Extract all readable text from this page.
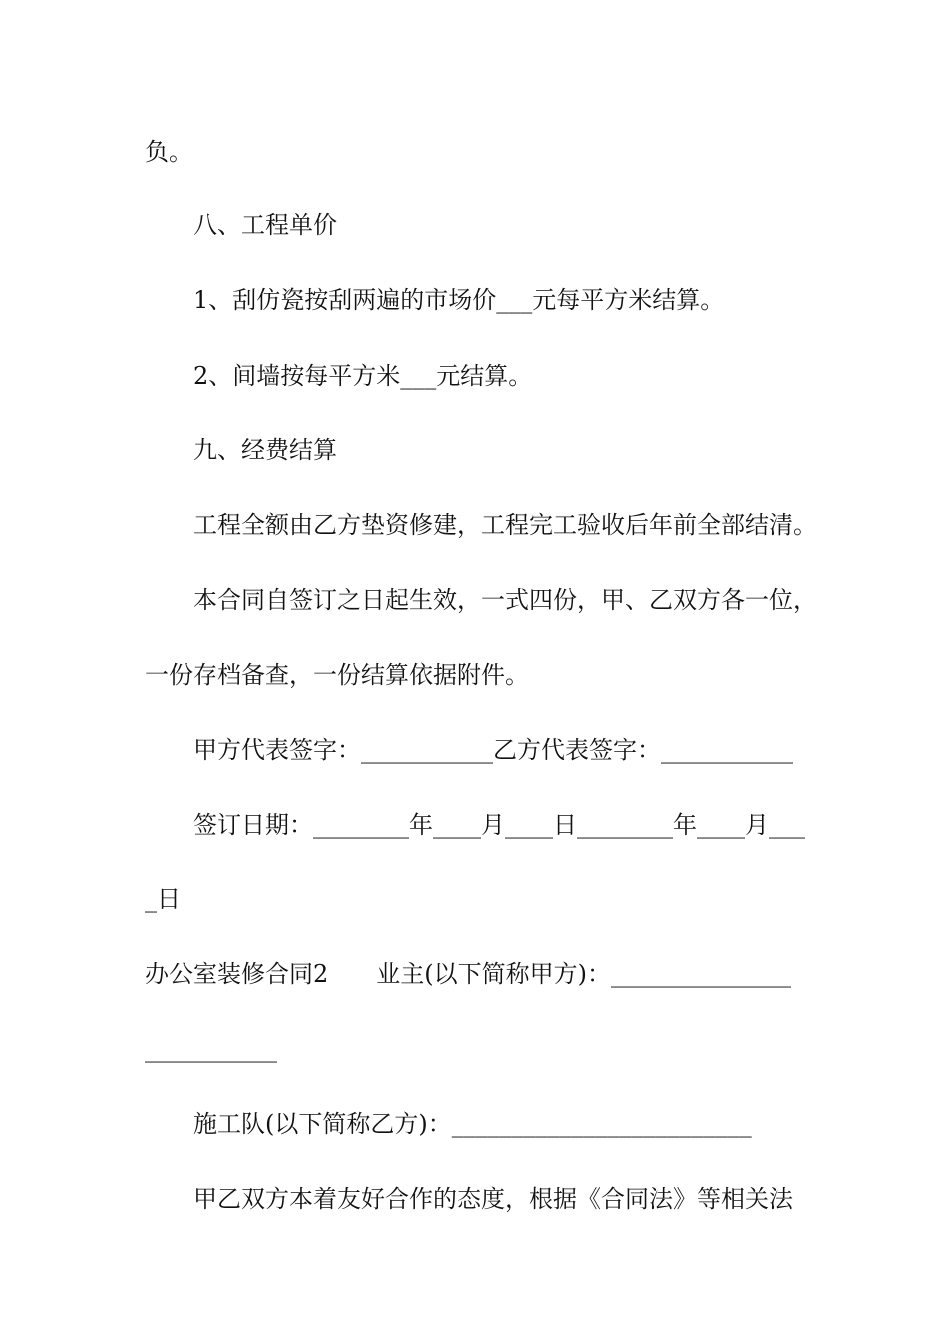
负。
八、工程单价
1、刮仿瓷按刮两遍的市场价___元每平方米结算。
2、间墙按每平方米___元结算。
九、经费结算
工程全额由乙方垫资修建，工程完工验收后年前全部结清。
本合同自签订之日起生效，一式四份，甲、乙双方各一位，
一份存档备查，一份结算依据附件。
甲方代表签字：___________乙方代表签字：___________
签订日期：________年____月____日________年____月___
_日
办公室装修合同2　　业主(以下简称甲方)：_______________
___________
施工队(以下简称乙方)：_________________________
甲乙双方本着友好合作的态度，根据《合同法》等相关法
